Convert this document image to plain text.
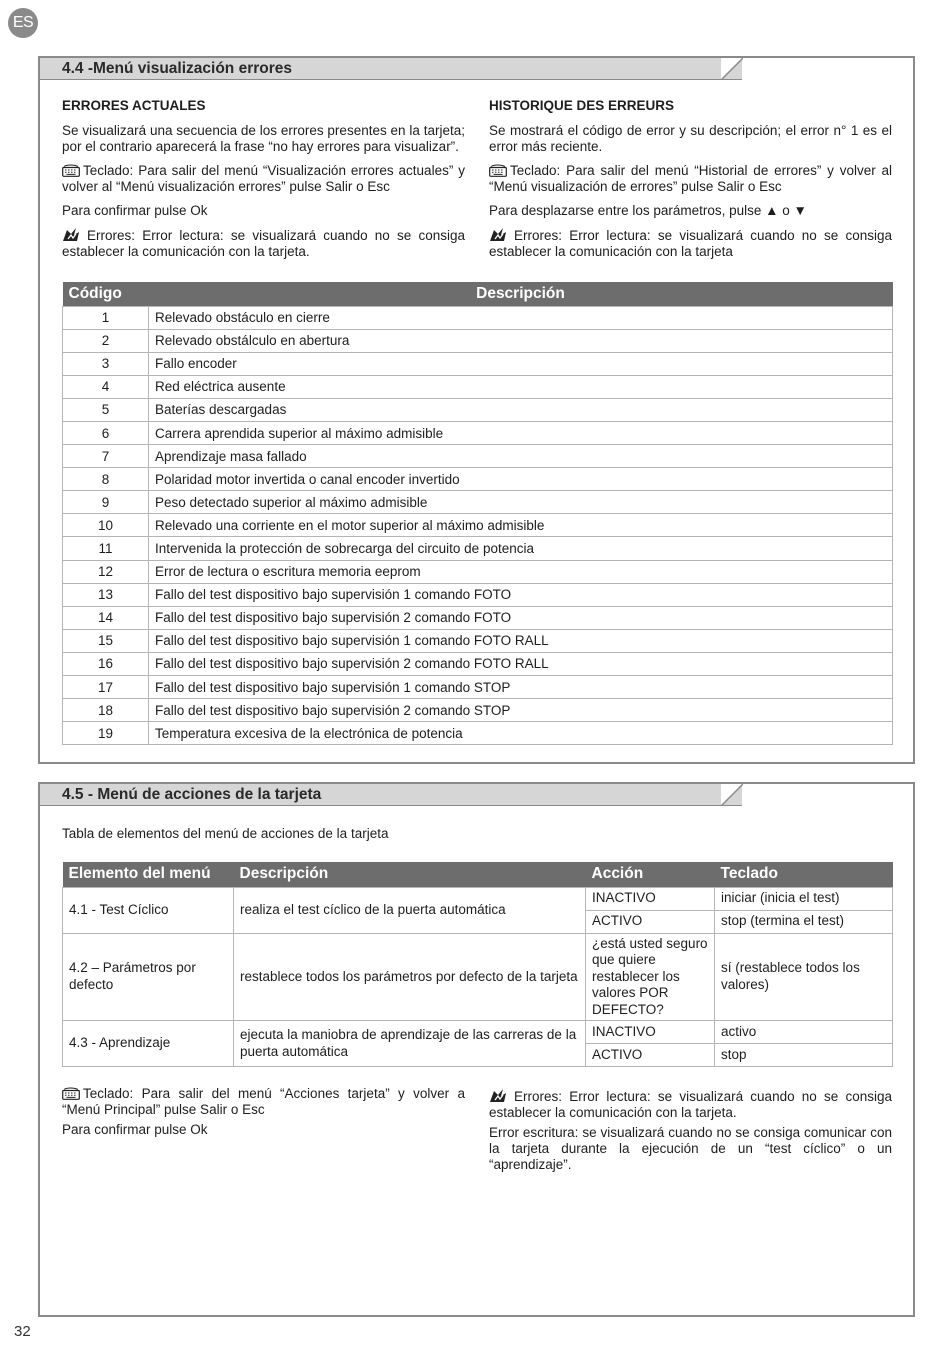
ES
4.4 -Menú visualización errores
ERRORES ACTUALES

Se visualizará una secuencia de los errores presentes en la tarjeta; por el contrario aparecerá la frase “no hay errores para visualizar”.

Teclado: Para salir del menú “Visualización errores actuales” y volver al “Menú visualización errores” pulse Salir o Esc

Para confirmar pulse Ok

Errores: Error lectura: se visualizará cuando no se consiga establecer la comunicación con la tarjeta.

HISTORIQUE DES ERREURS

Se mostrará el código de error y su descripción; el error n° 1 es el error más reciente.

Teclado: Para salir del menú “Historial de errores” y volver al “Menú visualización de errores” pulse Salir o Esc

Para desplazarse entre los parámetros, pulse ▲ o ▼

Errores: Error lectura: se visualizará cuando no se consiga establecer la comunicación con la tarjeta

Código	Descripción
1	Relevado obstáculo en cierre
2	Relevado obstálculo en abertura
3	Fallo encoder
4	Red eléctrica ausente
5	Baterías descargadas
6	Carrera aprendida superior al máximo admisible
7	Aprendizaje masa fallado
8	Polaridad motor invertida o canal encoder invertido
9	Peso detectado superior al máximo admisible
10	Relevado una corriente en el motor superior al máximo admisible
11	Intervenida la protección de sobrecarga del circuito de potencia
12	Error de lectura o escritura memoria eeprom
13	Fallo del test dispositivo bajo supervisión 1 comando FOTO
14	Fallo del test dispositivo bajo supervisión 2 comando FOTO
15	Fallo del test dispositivo bajo supervisión 1 comando FOTO RALL
16	Fallo del test dispositivo bajo supervisión 2 comando FOTO RALL
17	Fallo del test dispositivo bajo supervisión 1 comando STOP
18	Fallo del test dispositivo bajo supervisión 2 comando STOP
19	Temperatura excesiva de la electrónica de potencia
4.5 - Menú de acciones de la tarjeta
Tabla de elementos del menú de acciones de la tarjeta
Elemento del menú	Descripción	Acción	Teclado
4.1 - Test Cíclico	realiza el test cíclico de la puerta automática	INACTIVO	iniciar (inicia el test)
		ACTIVO	stop (termina el test)
4.2 – Parámetros por defecto	restablece todos los parámetros por defecto de la tarjeta	¿está usted seguro que quiere restablecer los valores POR DEFECTO?	sí (restablece todos los valores)
4.3 - Aprendizaje	ejecuta la maniobra de aprendizaje de las carreras de la puerta automática	INACTIVO	activo
		ACTIVO	stop

Teclado: Para salir del menú “Acciones tarjeta” y volver a “Menú Principal” pulse Salir o Esc

Para confirmar pulse Ok

Errores: Error lectura: se visualizará cuando no se consiga establecer la comunicación con la tarjeta.

Error escritura: se visualizará cuando no se consiga comunicar con la tarjeta durante la ejecución de un “test cíclico” o un “aprendizaje”.

32
